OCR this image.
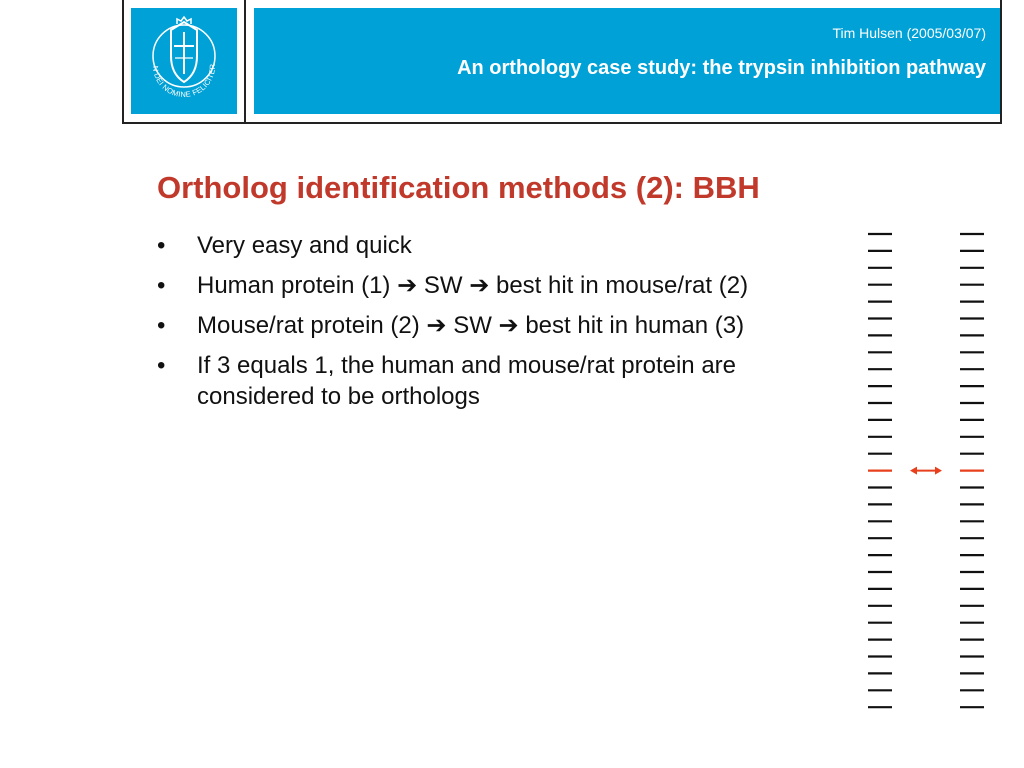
N DEI NOMINE FELICITER
Tim Hulsen (2005/03/07)
An orthology case study: the trypsin inhibition pathway
Ortholog identification methods (2): BBH
• Very easy and quick
• Human protein (1) ➔ SW ➔ best hit in mouse/rat (2)
• Mouse/rat protein (2) ➔ SW ➔ best hit in human (3)
• If 3 equals 1, the human and mouse/rat protein are considered to be orthologs
